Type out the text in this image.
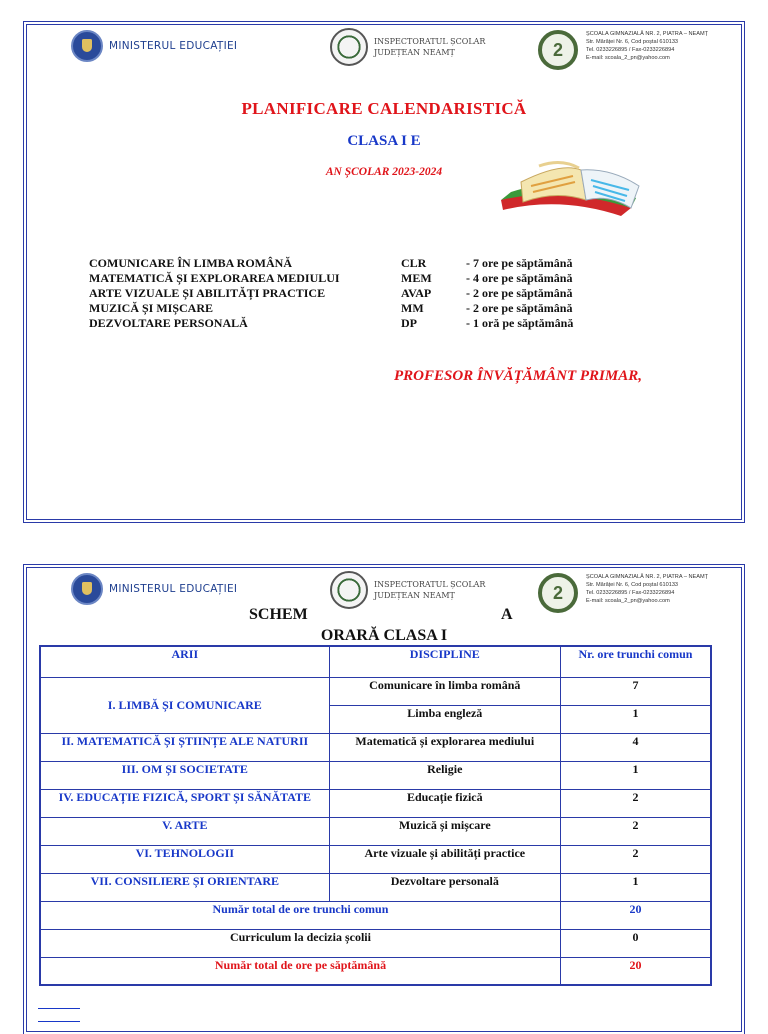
MINISTERUL EDUCAȚIEI	INSPECTORATUL ȘCOLAR
JUDEȚEAN NEAMȚ	2
ȘCOALA GIMNAZIALĂ NR. 2, PIATRA – NEAMȚ
Str. Mărăței Nr. 6, Cod poștal 610133
Tel. 0233226895 / Fax-0233226894
E-mail: scoala_2_pn@yahoo.com
PLANIFICARE CALENDARISTICĂ
CLASA I E
AN ȘCOLAR 2023-2024
COMUNICARE ÎN LIMBA ROMÂNĂ	CLR	- 7 ore pe săptămână
MATEMATICĂ ȘI EXPLORAREA MEDIULUI	MEM	- 4 ore pe săptămână
ARTE VIZUALE ȘI ABILITĂȚI PRACTICE	AVAP	- 2 ore pe săptămână
MUZICĂ ȘI MIȘCARE	MM	- 2 ore pe săptămână
DEZVOLTARE PERSONALĂ	DP	- 1 oră pe săptămână
PROFESOR ÎNVĂȚĂMÂNT PRIMAR,
MINISTERUL EDUCAȚIEI	INSPECTORATUL ȘCOLAR
JUDEȚEAN NEAMȚ	2
ȘCOALA GIMNAZIALĂ NR. 2, PIATRA – NEAMȚ
Str. Mărăței Nr. 6, Cod poștal 610133
Tel. 0233226895 / Fax-0233226894
E-mail: scoala_2_pn@yahoo.com
SCHEM	A
ORARĂ CLASA I
ARII	DISCIPLINE	Nr. ore trunchi comun
I. LIMBĂ ȘI COMUNICARE	Comunicare în limba română	7
	Limba engleză	1
II. MATEMATICĂ ȘI ȘTIINȚE ALE NATURII	Matematică și explorarea mediului	4
III. OM ȘI SOCIETATE	Religie	1
IV. EDUCAȚIE FIZICĂ, SPORT ȘI SĂNĂTATE	Educație fizică	2
V. ARTE	Muzică și mișcare	2
VI. TEHNOLOGII	Arte vizuale și abilități practice	2
VII. CONSILIERE ȘI ORIENTARE	Dezvoltare personală	1
Număr total de ore trunchi comun		20
Curriculum la decizia școlii		0
Număr total de ore pe săptămână		20
